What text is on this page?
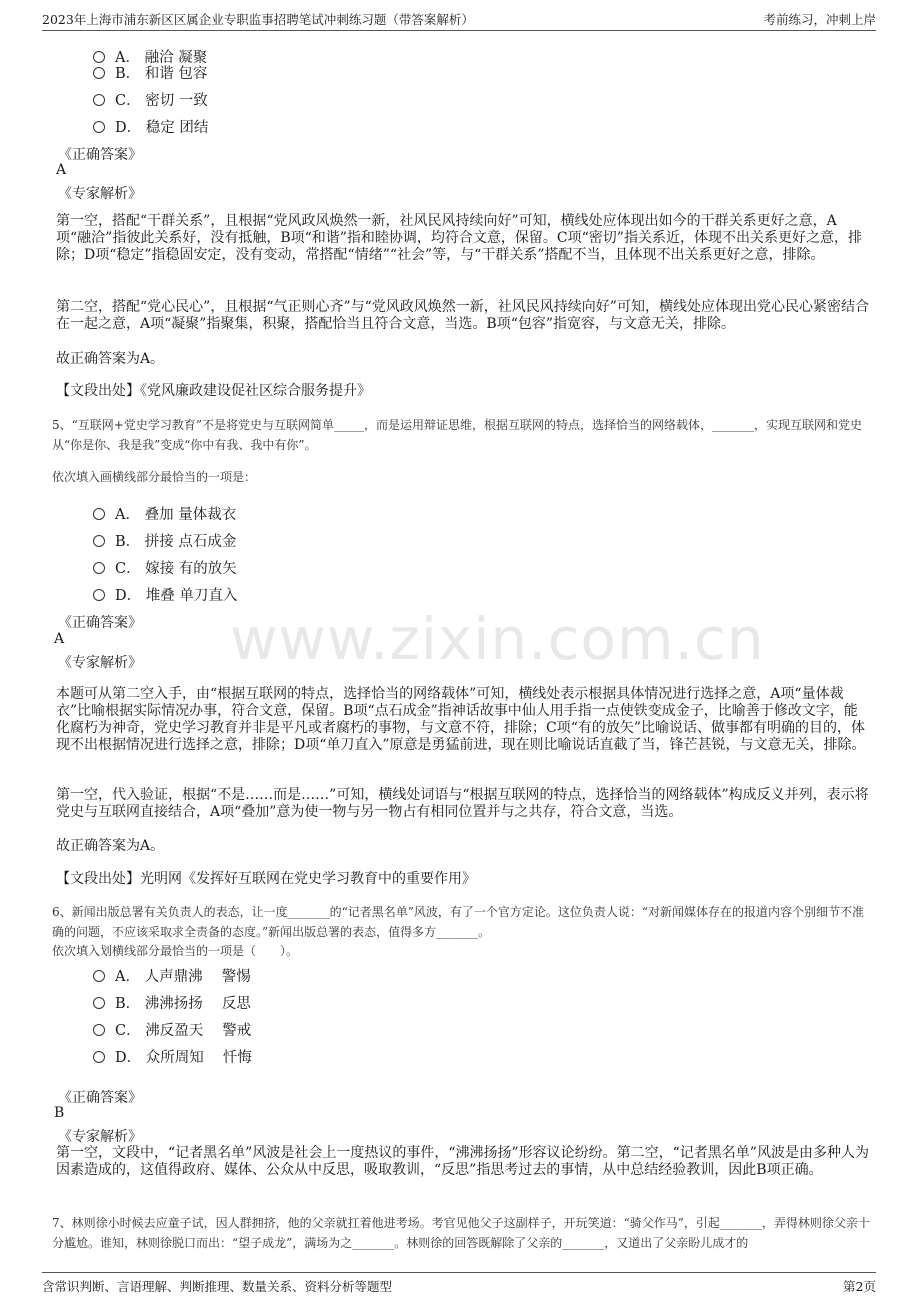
2023年上海市浦东新区区属企业专职监事招聘笔试冲刺练习题（带答案解析）	考前练习，冲刺上岸
www.zixin.com.cn
A． 融洽 凝聚
B． 和谐 包容
C． 密切 一致
D． 稳定 团结
《正确答案》
A
《专家解析》
第一空，搭配“干群关系”，且根据“党风政风焕然一新，社风民风持续向好”可知，横线处应体现出如今的干群关系更好之意，A项“融洽”指彼此关系好，没有抵触，B项“和谐”指和睦协调，均符合文意，保留。C项“密切”指关系近，体现不出关系更好之意，排除；D项“稳定”指稳固安定，没有变动，常搭配“情绪”“社会”等，与“干群关系”搭配不当，且体现不出关系更好之意，排除。
第二空，搭配“党心民心”，且根据“气正则心齐”与“党风政风焕然一新，社风民风持续向好”可知，横线处应体现出党心民心紧密结合在一起之意，A项“凝聚”指聚集，积聚，搭配恰当且符合文意，当选。B项“包容”指宽容，与文意无关，排除。
故正确答案为A。
【文段出处】《党风廉政建设促社区综合服务提升》
5、“互联网+党史学习教育”不是将党史与互联网简单_____，而是运用辩证思维，根据互联网的特点，选择恰当的网络载体，_______，实现互联网和党史从“你是你、我是我”变成“你中有我、我中有你”。
依次填入画横线部分最恰当的一项是：
A． 叠加 量体裁衣
B． 拼接 点石成金
C． 嫁接 有的放矢
D． 堆叠 单刀直入
《正确答案》
A
《专家解析》
本题可从第二空入手，由“根据互联网的特点，选择恰当的网络载体”可知，横线处表示根据具体情况进行选择之意，A项“量体裁衣”比喻根据实际情况办事，符合文意，保留。B项“点石成金”指神话故事中仙人用手指一点使铁变成金子，比喻善于修改文字，能化腐朽为神奇，党史学习教育并非是平凡或者腐朽的事物，与文意不符，排除；C项“有的放矢”比喻说话、做事都有明确的目的，体现不出根据情况进行选择之意，排除；D项“单刀直入”原意是勇猛前进，现在则比喻说话直截了当，锋芒甚锐，与文意无关，排除。
第一空，代入验证，根据“不是……而是……”可知，横线处词语与“根据互联网的特点，选择恰当的网络载体”构成反义并列，表示将党史与互联网直接结合，A项“叠加”意为使一物与另一物占有相同位置并与之共存，符合文意，当选。
故正确答案为A。
【文段出处】光明网《发挥好互联网在党史学习教育中的重要作用》
6、新闻出版总署有关负责人的表态，让一度_______的“记者黑名单”风波，有了一个官方定论。这位负责人说：“对新闻媒体存在的报道内容个别细节不准确的问题，不应该采取求全责备的态度。”新闻出版总署的表态，值得多方_______。
依次填入划横线部分最恰当的一项是（　　）。
A． 人声鼎沸　 警惕
B． 沸沸扬扬　 反思
C． 沸反盈天　 警戒
D． 众所周知　 忏悔
《正确答案》
B
《专家解析》
第一空，文段中，“记者黑名单”风波是社会上一度热议的事件，“沸沸扬扬”形容议论纷纷。第二空，“记者黑名单”风波是由多种人为因素造成的，这值得政府、媒体、公众从中反思，吸取教训，“反思”指思考过去的事情，从中总结经验教训，因此B项正确。
7、林则徐小时候去应童子试，因人群拥挤，他的父亲就扛着他进考场。考官见他父子这副样子，开玩笑道：“骑父作马”，引起_______，弄得林则徐父亲十分尴尬。谁知，林则徐脱口而出：“望子成龙”，满场为之_______。林则徐的回答既解除了父亲的_______，又道出了父亲盼儿成才的
含常识判断、言语理解、判断推理、数量关系、资料分析等题型	第2页
